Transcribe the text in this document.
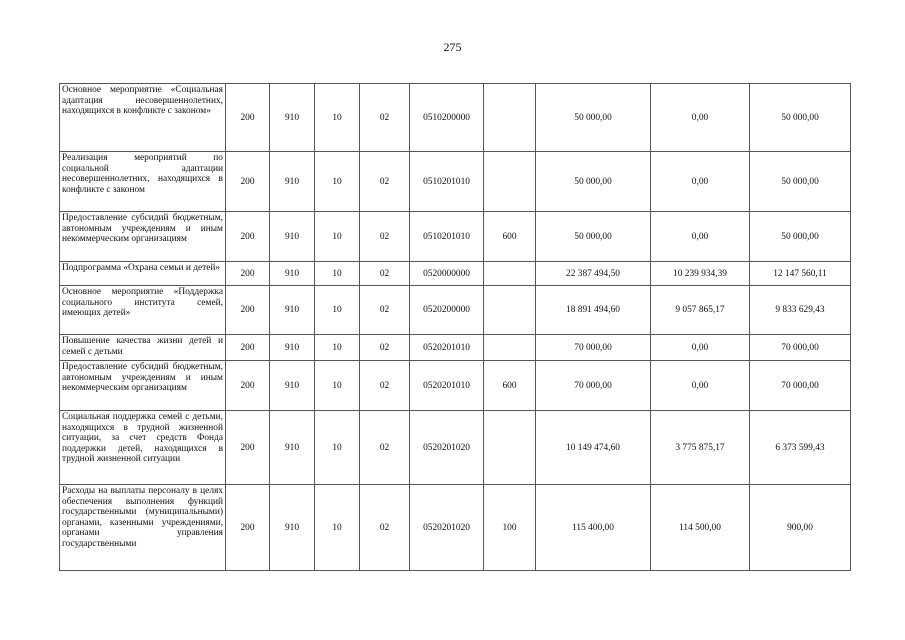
275
Основное мероприятие «Социальная адаптация несовершеннолетних, находящихся в конфликте с законом»	200	910	10	02	0510200000		50 000,00	0,00	50 000,00
Реализация мероприятий по социальной адаптации несовершеннолетних, находящихся в конфликте с законом	200	910	10	02	0510201010		50 000,00	0,00	50 000,00
Предоставление субсидий бюджетным, автономным учреждениям и иным некоммерческим организациям	200	910	10	02	0510201010	600	50 000,00	0,00	50 000,00
Подпрограмма «Охрана семьи и детей»	200	910	10	02	0520000000		22 387 494,50	10 239 934,39	12 147 560,11
Основное мероприятие «Поддержка социального института семей, имеющих детей»	200	910	10	02	0520200000		18 891 494,60	9 057 865,17	9 833 629,43
Повышение качества жизни детей и семей с детьми	200	910	10	02	0520201010		70 000,00	0,00	70 000,00
Предоставление субсидий бюджетным, автономным учреждениям и иным некоммерческим организациям	200	910	10	02	0520201010	600	70 000,00	0,00	70 000,00
Социальная поддержка семей с детьми, находящихся в трудной жизненной ситуации, за счет средств Фонда поддержки детей, находящихся в трудной жизненной ситуации	200	910	10	02	0520201020		10 149 474,60	3 775 875,17	6 373 599,43
Расходы на выплаты персоналу в целях обеспечения выполнения функций государственными (муниципальными) органами, казенными учреждениями, органами управления государственными	200	910	10	02	0520201020	100	115 400,00	114 500,00	900,00
